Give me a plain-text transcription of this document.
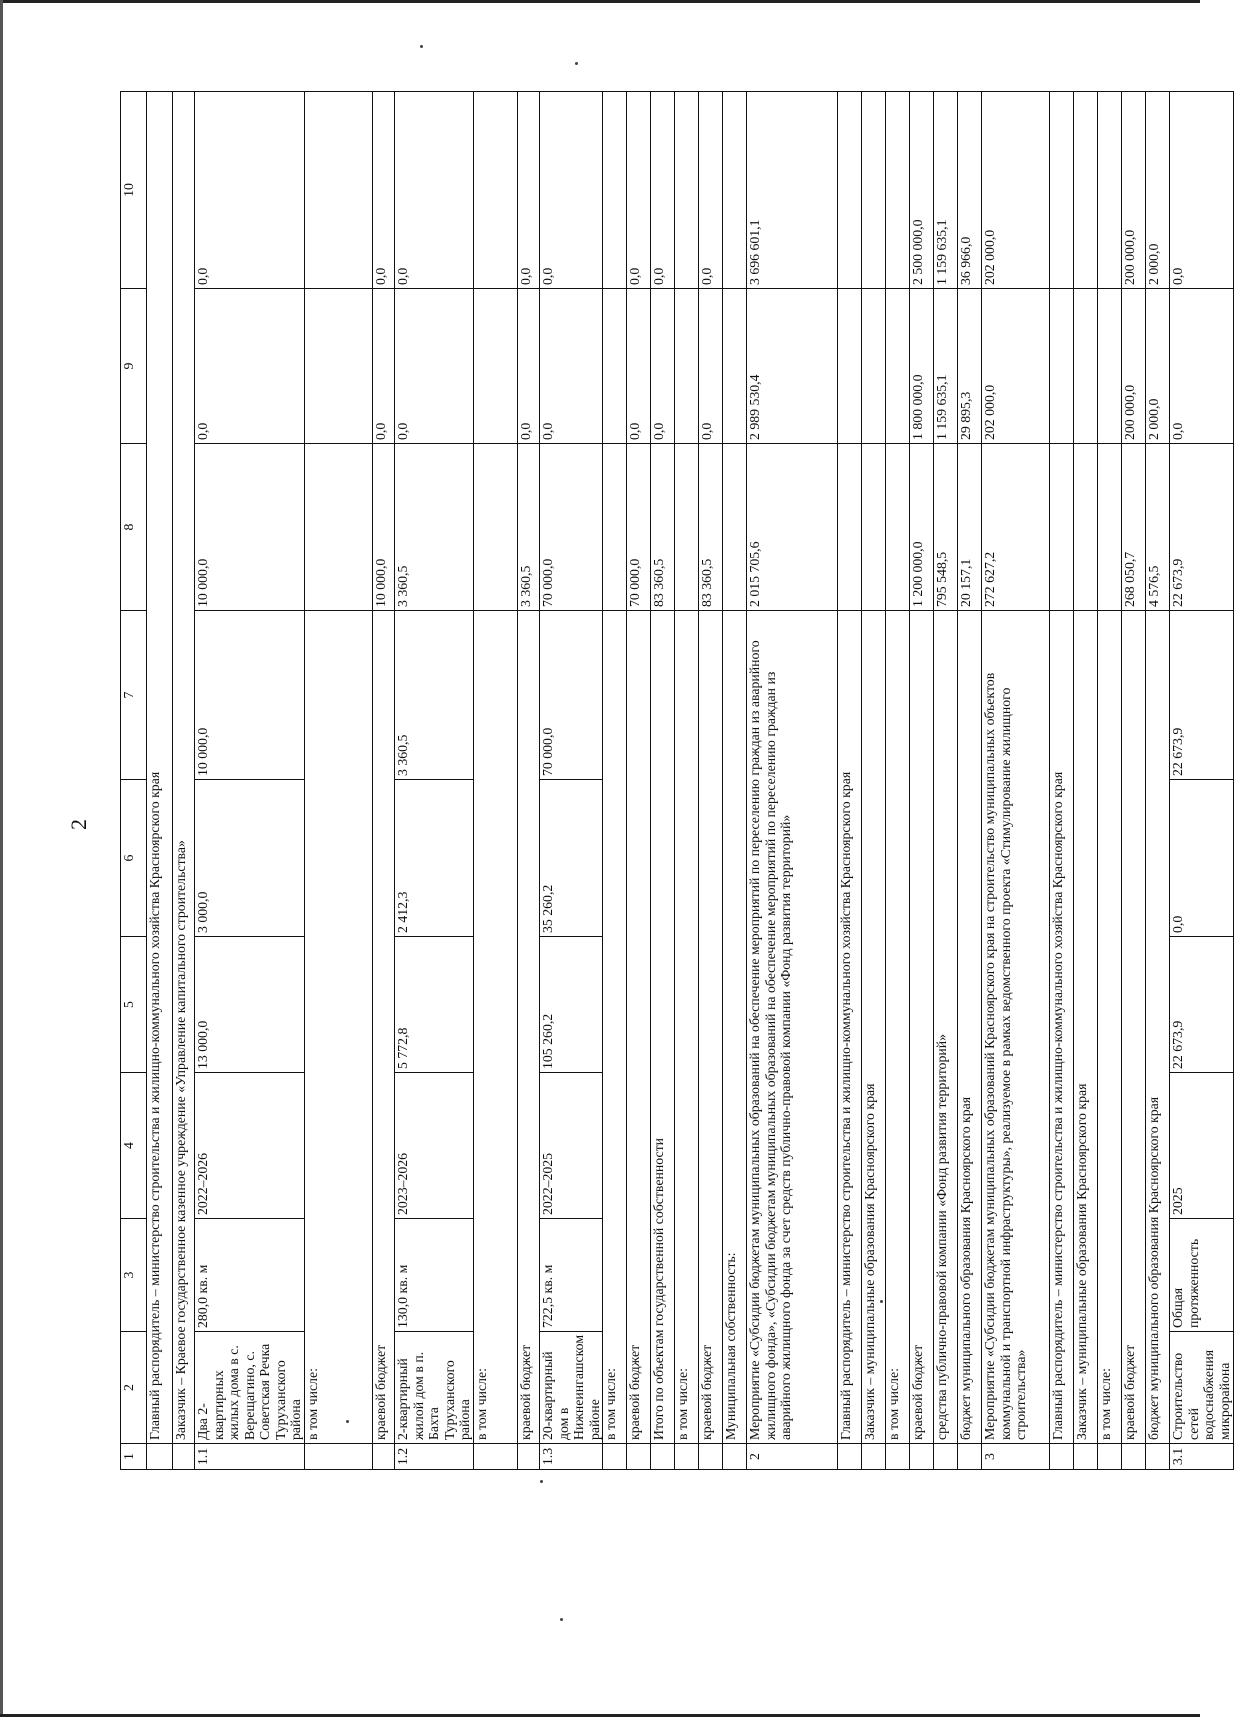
2
1	2	3	4	5	6	7	8	9	10
	Главный распорядитель – министерство строительства и жилищно-коммунального хозяйства Красноярского края								
	Заказчик – Краевое государственное казенное учреждение «Управление капитального строительства»								
1.1	Два 2-квартирных жилых дома в с. Верещагино, с. Советская Речка Туруханского района	280,0 кв. м	2022–2026	13 000,0	3 000,0	10 000,0	10 000,0	0,0	0,0
	в том числе:								
	краевой бюджет						10 000,0	0,0	0,0
1.2	2-квартирный жилой дом в п. Бахта Туруханского района	130,0 кв. м	2023–2026	5 772,8	2 412,3	3 360,5	3 360,5	0,0	0,0
	в том числе:								
	краевой бюджет						3 360,5	0,0	0,0
1.3	20-квартирный дом в Нижнеингашском районе	722,5 кв. м	2022–2025	105 260,2	35 260,2	70 000,0	70 000,0	0,0	0,0
	в том числе:								
	краевой бюджет						70 000,0	0,0	0,0
	Итого по объектам государственной собственности						83 360,5	0,0	0,0
	в том числе:								
	краевой бюджет						83 360,5	0,0	0,0
	Муниципальная собственность:								
2	Мероприятие «Субсидии бюджетам муниципальных образований на обеспечение мероприятий по переселению граждан из аварийного жилищного фонда», «Субсидии бюджетам муниципальных образований на обеспечение мероприятий по переселению граждан из аварийного жилищного фонда за счет средств публично-правовой компании «Фонд развития территорий»						2 015 705,6	2 989 530,4	3 696 601,1
	Главный распорядитель – министерство строительства и жилищно-коммунального хозяйства Красноярского края								
	Заказчик – муниципальные образования Красноярского края								
	в том числе:								
	краевой бюджет						1 200 000,0	1 800 000,0	2 500 000,0
	средства публично-правовой компании «Фонд развития территорий»						795 548,5	1 159 635,1	1 159 635,1
	бюджет муниципального образования Красноярского края						20 157,1	29 895,3	36 966,0
3	Мероприятие «Субсидии бюджетам муниципальных образований Красноярского края на строительство муниципальных объектов коммунальной и транспортной инфраструктуры», реализуемое в рамках ведомственного проекта «Стимулирование жилищного строительства»						272 627,2	202 000,0	202 000,0
	Главный распорядитель – министерство строительства и жилищно-коммунального хозяйства Красноярского края								
	Заказчик – муниципальные образования Красноярского края								
	в том числе:								
	краевой бюджет						268 050,7	200 000,0	200 000,0
	бюджет муниципального образования Красноярского края						4 576,5	2 000,0	2 000,0
3.1	Строительство сетей водоснабжения микрорайона	Общая протяженность	2025	22 673,9	0,0	22 673,9	22 673,9	0,0	0,0
